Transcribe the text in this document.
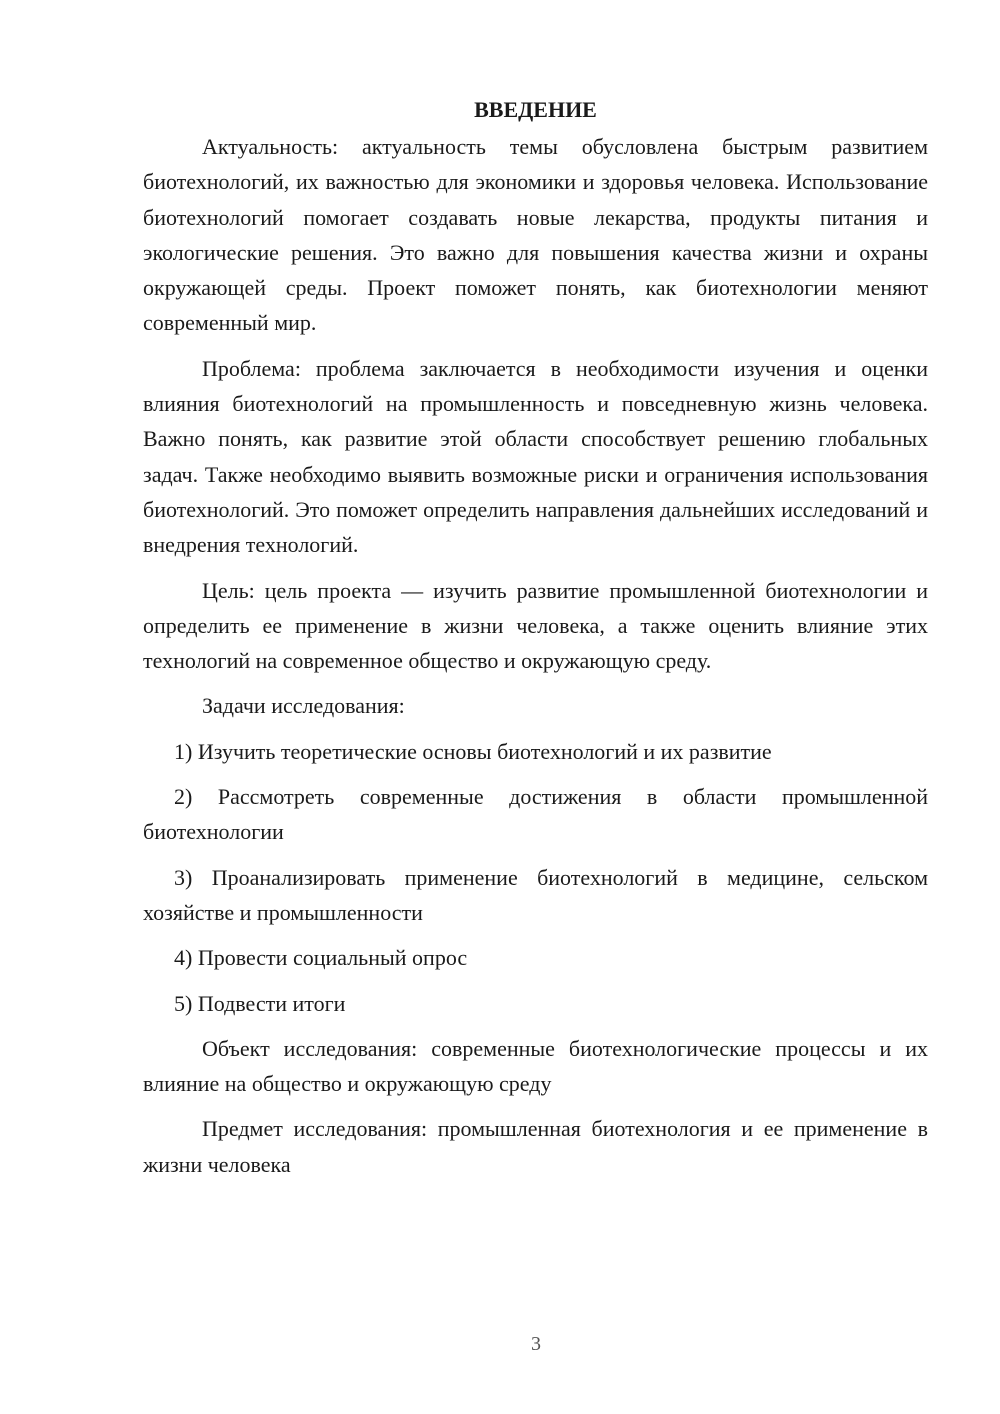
ВВЕДЕНИЕ

Актуальность: актуальность темы обусловлена быстрым развитием биотехнологий, их важностью для экономики и здоровья человека. Использование биотехнологий помогает создавать новые лекарства, продукты питания и экологические решения. Это важно для повышения качества жизни и охраны окружающей среды. Проект поможет понять, как биотехнологии меняют современный мир.

Проблема: проблема заключается в необходимости изучения и оценки влияния биотехнологий на промышленность и повседневную жизнь человека. Важно понять, как развитие этой области способствует решению глобальных задач. Также необходимо выявить возможные риски и ограничения использования биотехнологий. Это поможет определить направления дальнейших исследований и внедрения технологий.

Цель: цель проекта — изучить развитие промышленной биотехнологии и определить ее применение в жизни человека, а также оценить влияние этих технологий на современное общество и окружающую среду.

Задачи исследования:

1) Изучить теоретические основы биотехнологий и их развитие

2) Рассмотреть современные достижения в области промышленной биотехнологии

3) Проанализировать применение биотехнологий в медицине, сельском хозяйстве и промышленности

4) Провести социальный опрос

5) Подвести итоги

Объект исследования: современные биотехнологические процессы и их влияние на общество и окружающую среду

Предмет исследования: промышленная биотехнология и ее применение в жизни человека

3
